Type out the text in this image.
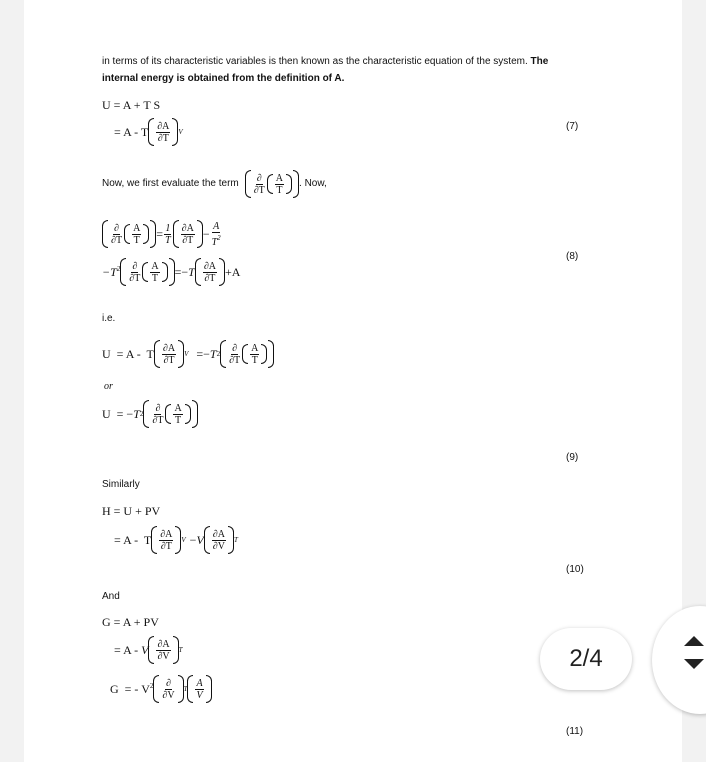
in terms of its characteristic variables is then known as the characteristic equation of the system. The
internal energy is obtained from the definition of A.
U = A + T S
= A - T $\frac{\partial A}{\partial T}$ V	(7)
Now, we first evaluate the term $\frac{\partial}{\partial T} \frac{A}{T}$ . Now,
$\frac{\partial}{\partial T} \frac{A}{T} = \frac{1}{T} \frac{\partial A}{\partial T} - \frac{A}{T^2}$
(8)
$-T^2 \frac{\partial}{\partial T} \frac{A}{T} =- T \frac{\partial A}{\partial T} +A$
i.e.
U  = A -  T $\frac{\partial A}{\partial T}$ V =− T $2 \frac{\partial}{\partial T} \frac{A}{T}$
or
U  = − T $2 \frac{\partial}{\partial T} \frac{A}{T}$
(9)
Similarly
H = U + PV
= A -  T $\frac{\partial A}{\partial T}$ V − V $\frac{\partial A}{\partial V}$ T
(10)
And
G = A + PV
= A - V $\frac{\partial A}{\partial V}$ T
G  = - $V^2 \frac{\partial}{\partial V}$ T $\frac{A}{V}$
(11)
2/4
